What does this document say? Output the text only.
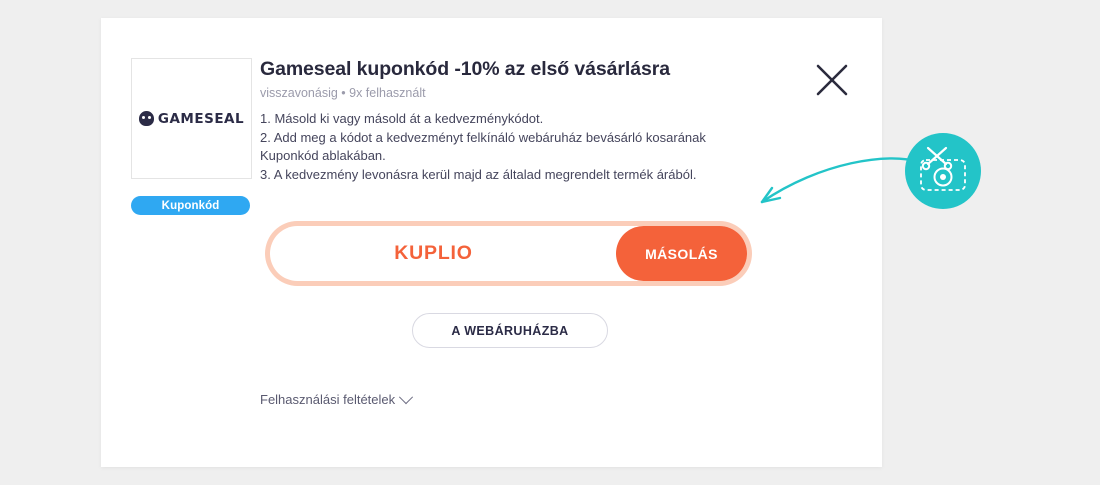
GAMESEAL
Kuponkód
Gameseal kuponkód -10% az első vásárlásra

visszavonásig • 9x felhasznált

1. Másold ki vagy másold át a kedvezménykódot.

2. Add meg a kódot a kedvezményt felkínáló webáruház bevásárló kosarának

Kuponkód ablakában.

3. A kedvezmény levonásra kerül majd az általad megrendelt termék árából.

KUPLIO	MÁSOLÁS
A WEBÁRUHÁZBA
Felhasználási feltételek
